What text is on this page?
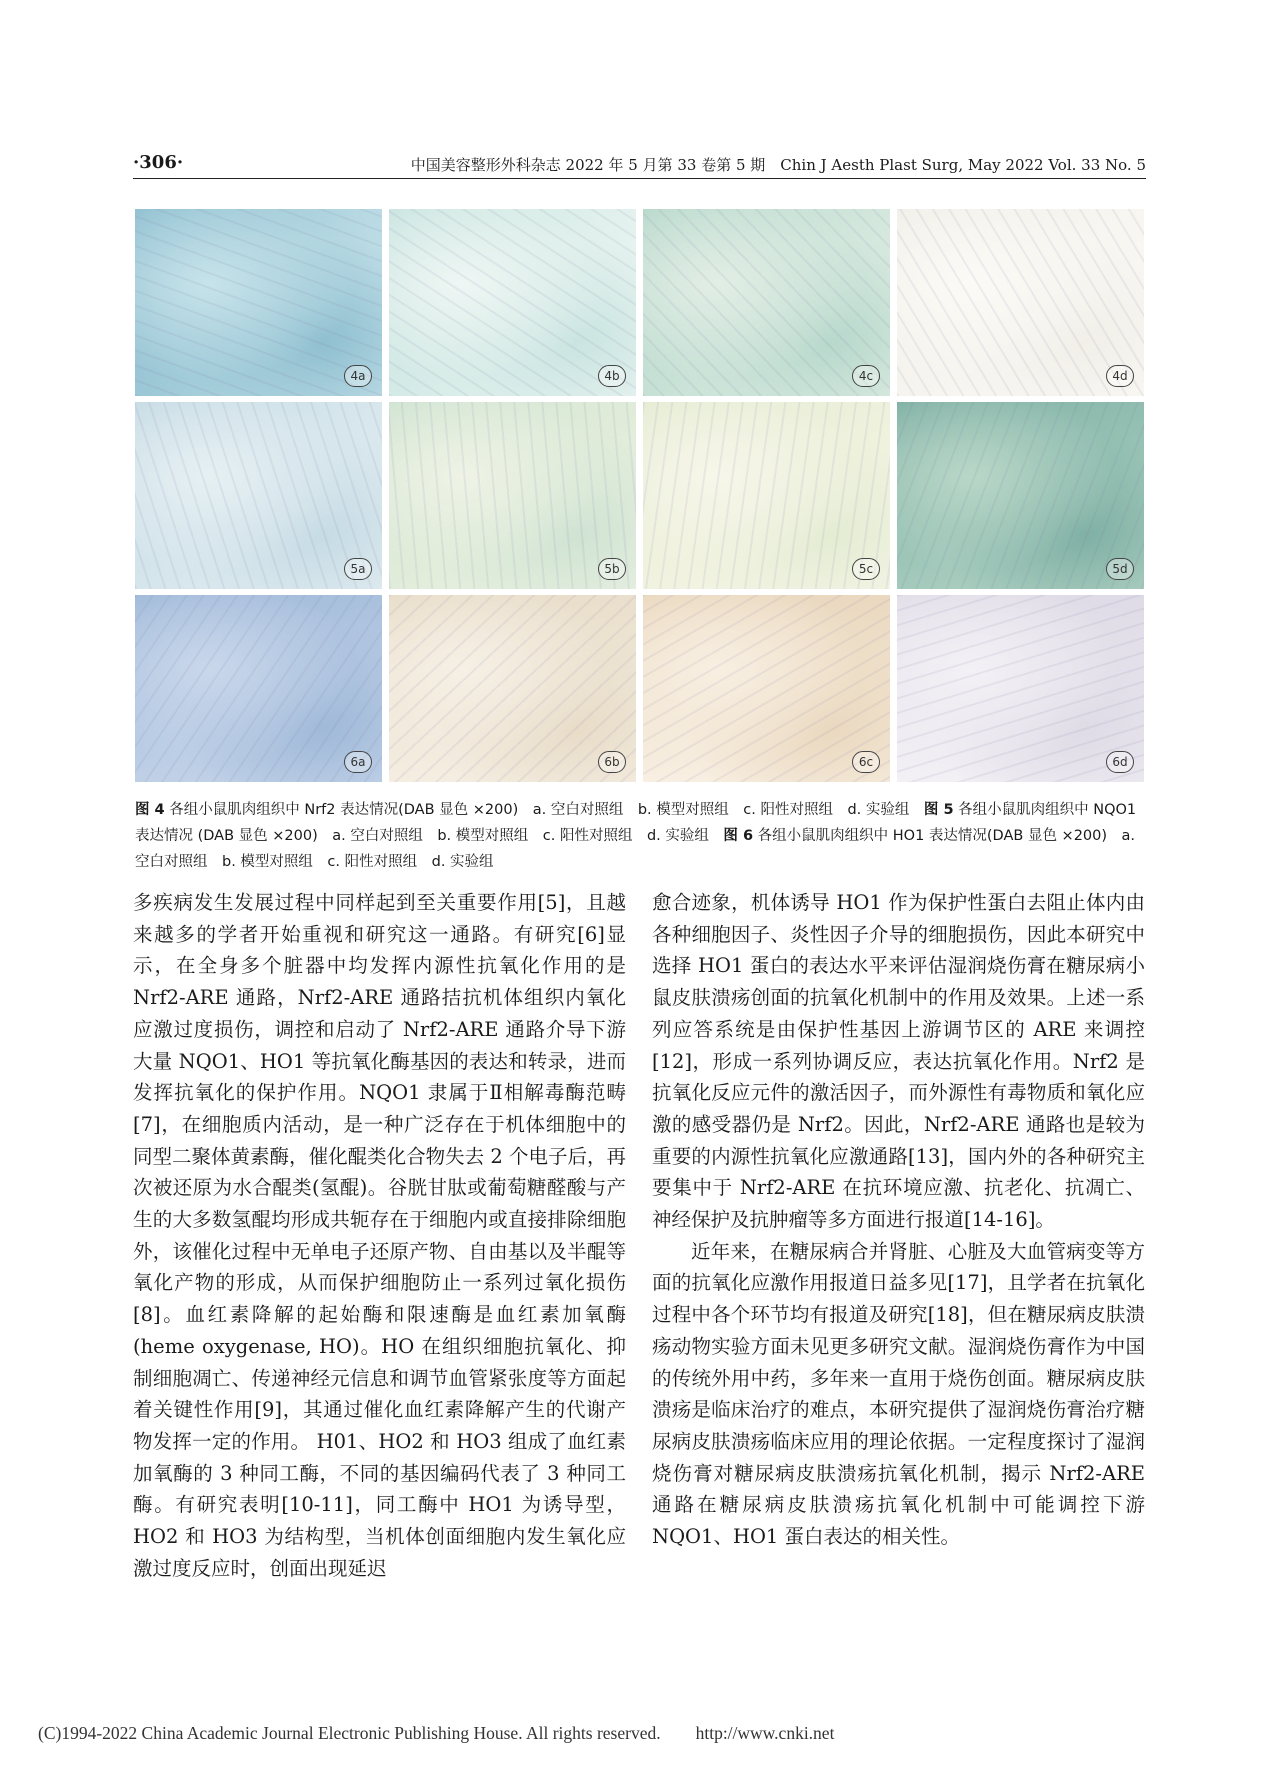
·306·	中国美容整形外科杂志 2022 年 5 月第 33 卷第 5 期　Chin J Aesth Plast Surg, May 2022 Vol. 33 No. 5
4a	4b	4c	4d
5a	5b	5c	5d
6a	6b	6c	6d
图 4 各组小鼠肌肉组织中 Nrf2 表达情况(DAB 显色 ×200)　a. 空白对照组　b. 模型对照组　c. 阳性对照组　d. 实验组　图 5 各组小鼠肌肉组织中 NQO1 表达情况 (DAB 显色 ×200)　a. 空白对照组　b. 模型对照组　c. 阳性对照组　d. 实验组　图 6 各组小鼠肌肉组织中 HO1 表达情况(DAB 显色 ×200)　a. 空白对照组　b. 模型对照组　c. 阳性对照组　d. 实验组

多疾病发生发展过程中同样起到至关重要作用[5]，且越来越多的学者开始重视和研究这一通路。有研究[6]显示，在全身多个脏器中均发挥内源性抗氧化作用的是 Nrf2-ARE 通路，Nrf2-ARE 通路拮抗机体组织内氧化应激过度损伤，调控和启动了 Nrf2-ARE 通路介导下游大量 NQO1、HO1 等抗氧化酶基因的表达和转录，进而发挥抗氧化的保护作用。NQO1 隶属于Ⅱ相解毒酶范畴[7]，在细胞质内活动，是一种广泛存在于机体细胞中的同型二聚体黄素酶，催化醌类化合物失去 2 个电子后，再次被还原为水合醌类(氢醌)。谷胱甘肽或葡萄糖醛酸与产生的大多数氢醌均形成共轭存在于细胞内或直接排除细胞外，该催化过程中无单电子还原产物、自由基以及半醌等氧化产物的形成，从而保护细胞防止一系列过氧化损伤[8]。血红素降解的起始酶和限速酶是血红素加氧酶(heme oxygenase, HO)。HO 在组织细胞抗氧化、抑制细胞凋亡、传递神经元信息和调节血管紧张度等方面起着关键性作用[9]，其通过催化血红素降解产生的代谢产物发挥一定的作用。 H01、HO2 和 HO3 组成了血红素加氧酶的 3 种同工酶，不同的基因编码代表了 3 种同工酶。有研究表明[10-11]，同工酶中 HO1 为诱导型，HO2 和 HO3 为结构型，当机体创面细胞内发生氧化应激过度反应时，创面出现延迟

愈合迹象，机体诱导 HO1 作为保护性蛋白去阻止体内由各种细胞因子、炎性因子介导的细胞损伤，因此本研究中选择 HO1 蛋白的表达水平来评估湿润烧伤膏在糖尿病小鼠皮肤溃疡创面的抗氧化机制中的作用及效果。上述一系列应答系统是由保护性基因上游调节区的 ARE 来调控[12]，形成一系列协调反应，表达抗氧化作用。Nrf2 是抗氧化反应元件的激活因子，而外源性有毒物质和氧化应激的感受器仍是 Nrf2。因此，Nrf2-ARE 通路也是较为重要的内源性抗氧化应激通路[13]，国内外的各种研究主要集中于 Nrf2-ARE 在抗环境应激、抗老化、抗凋亡、神经保护及抗肿瘤等多方面进行报道[14-16]。

近年来，在糖尿病合并肾脏、心脏及大血管病变等方面的抗氧化应激作用报道日益多见[17]，且学者在抗氧化过程中各个环节均有报道及研究[18]，但在糖尿病皮肤溃疡动物实验方面未见更多研究文献。湿润烧伤膏作为中国的传统外用中药，多年来一直用于烧伤创面。糖尿病皮肤溃疡是临床治疗的难点，本研究提供了湿润烧伤膏治疗糖尿病皮肤溃疡临床应用的理论依据。一定程度探讨了湿润烧伤膏对糖尿病皮肤溃疡抗氧化机制，揭示 Nrf2-ARE 通路在糖尿病皮肤溃疡抗氧化机制中可能调控下游 NQO1、HO1 蛋白表达的相关性。

(C)1994-2022 China Academic Journal Electronic Publishing House. All rights reserved.　　http://www.cnki.net
